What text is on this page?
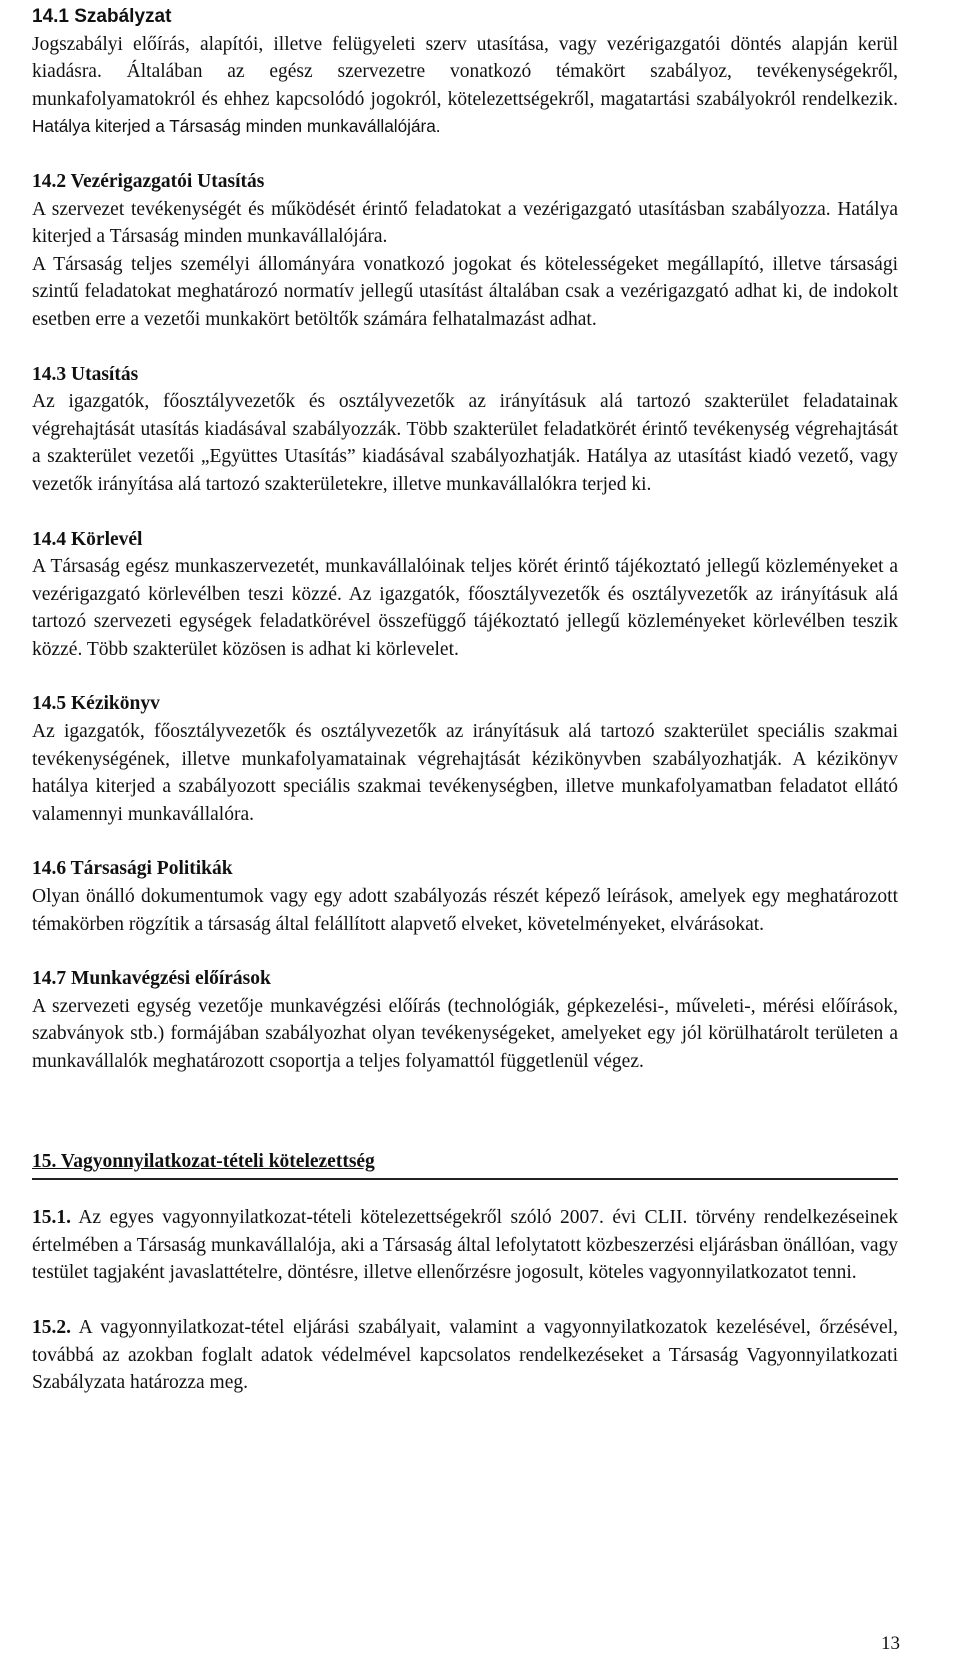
14.1 Szabályzat

Jogszabályi előírás, alapítói, illetve felügyeleti szerv utasítása, vagy vezérigazgatói döntés alapján kerül kiadásra. Általában az egész szervezetre vonatkozó témakört szabályoz, tevékenységekről, munkafolyamatokról és ehhez kapcsolódó jogokról, kötelezettségekről, magatartási szabályokról rendelkezik. Hatálya kiterjed a Társaság minden munkavállalójára.

14.2 Vezérigazgatói Utasítás

A szervezet tevékenységét és működését érintő feladatokat a vezérigazgató utasításban szabályozza. Hatálya kiterjed a Társaság minden munkavállalójára.

A Társaság teljes személyi állományára vonatkozó jogokat és kötelességeket megállapító, illetve társasági szintű feladatokat meghatározó normatív jellegű utasítást általában csak a vezérigazgató adhat ki, de indokolt esetben erre a vezetői munkakört betöltők számára felhatalmazást adhat.

14.3 Utasítás

Az igazgatók, főosztályvezetők és osztályvezetők az irányításuk alá tartozó szakterület feladatainak végrehajtását utasítás kiadásával szabályozzák. Több szakterület feladatkörét érintő tevékenység végrehajtását a szakterület vezetői „Együttes Utasítás” kiadásával szabályozhatják. Hatálya az utasítást kiadó vezető, vagy vezetők irányítása alá tartozó szakterületekre, illetve munkavállalókra terjed ki.

14.4 Körlevél

A Társaság egész munkaszervezetét, munkavállalóinak teljes körét érintő tájékoztató jellegű közleményeket a vezérigazgató körlevélben teszi közzé. Az igazgatók, főosztályvezetők és osztályvezetők az irányításuk alá tartozó szervezeti egységek feladatkörével összefüggő tájékoztató jellegű közleményeket körlevélben teszik közzé. Több szakterület közösen is adhat ki körlevelet.

14.5 Kézikönyv

Az igazgatók, főosztályvezetők és osztályvezetők az irányításuk alá tartozó szakterület speciális szakmai tevékenységének, illetve munkafolyamatainak végrehajtását kézikönyvben szabályozhatják. A kézikönyv hatálya kiterjed a szabályozott speciális szakmai tevékenységben, illetve munkafolyamatban feladatot ellátó valamennyi munkavállalóra.

14.6 Társasági Politikák

Olyan önálló dokumentumok vagy egy adott szabályozás részét képező leírások, amelyek egy meghatározott témakörben rögzítik a társaság által felállított alapvető elveket, követelményeket, elvárásokat.

14.7 Munkavégzési előírások

A szervezeti egység vezetője munkavégzési előírás (technológiák, gépkezelési-, műveleti-, mérési előírások, szabványok stb.) formájában szabályozhat olyan tevékenységeket, amelyeket egy jól körülhatárolt területen a munkavállalók meghatározott csoportja a teljes folyamattól függetlenül végez.

15. Vagyonnyilatkozat-tételi kötelezettség

15.1. Az egyes vagyonnyilatkozat-tételi kötelezettségekről szóló 2007. évi CLII. törvény rendelkezéseinek értelmében a Társaság munkavállalója, aki a Társaság által lefolytatott közbeszerzési eljárásban önállóan, vagy testület tagjaként javaslattételre, döntésre, illetve ellenőrzésre jogosult, köteles vagyonnyilatkozatot tenni.

15.2. A vagyonnyilatkozat-tétel eljárási szabályait, valamint a vagyonnyilatkozatok kezelésével, őrzésével, továbbá az azokban foglalt adatok védelmével kapcsolatos rendelkezéseket a Társaság Vagyonnyilatkozati Szabályzata határozza meg.

13
